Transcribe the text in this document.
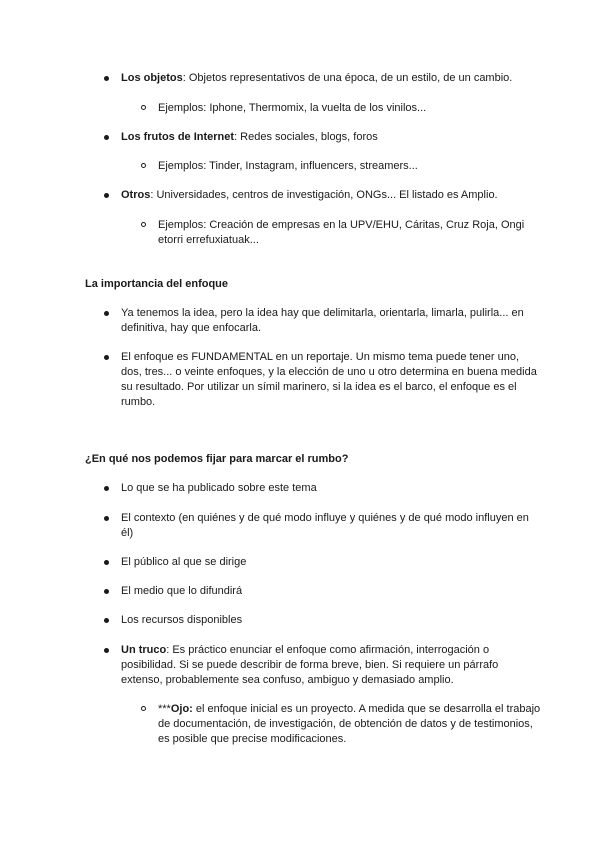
Los objetos: Objetos representativos de una época, de un estilo, de un cambio.
Ejemplos: Iphone, Thermomix, la vuelta de los vinilos...
Los frutos de Internet: Redes sociales, blogs, foros
Ejemplos: Tinder, Instagram, influencers, streamers...
Otros: Universidades, centros de investigación, ONGs... El listado es Amplio.
Ejemplos: Creación de empresas en la UPV/EHU, Cáritas, Cruz Roja, Ongi etorri errefuxiatuak...
La importancia del enfoque
Ya tenemos la idea, pero la idea hay que delimitarla, orientarla, limarla, pulirla... en definitiva, hay que enfocarla.
El enfoque es FUNDAMENTAL en un reportaje. Un mismo tema puede tener uno, dos, tres... o veinte enfoques, y la elección de uno u otro determina en buena medida su resultado. Por utilizar un símil marinero, si la idea es el barco, el enfoque es el rumbo.
¿En qué nos podemos fijar para marcar el rumbo?
Lo que se ha publicado sobre este tema
El contexto (en quiénes y de qué modo influye y quiénes y de qué modo influyen en él)
El público al que se dirige
El medio que lo difundirá
Los recursos disponibles
Un truco: Es práctico enunciar el enfoque como afirmación, interrogación o posibilidad. Si se puede describir de forma breve, bien. Si requiere un párrafo extenso, probablemente sea confuso, ambiguo y demasiado amplio.
***Ojo: el enfoque inicial es un proyecto. A medida que se desarrolla el trabajo de documentación, de investigación, de obtención de datos y de testimonios, es posible que precise modificaciones.
